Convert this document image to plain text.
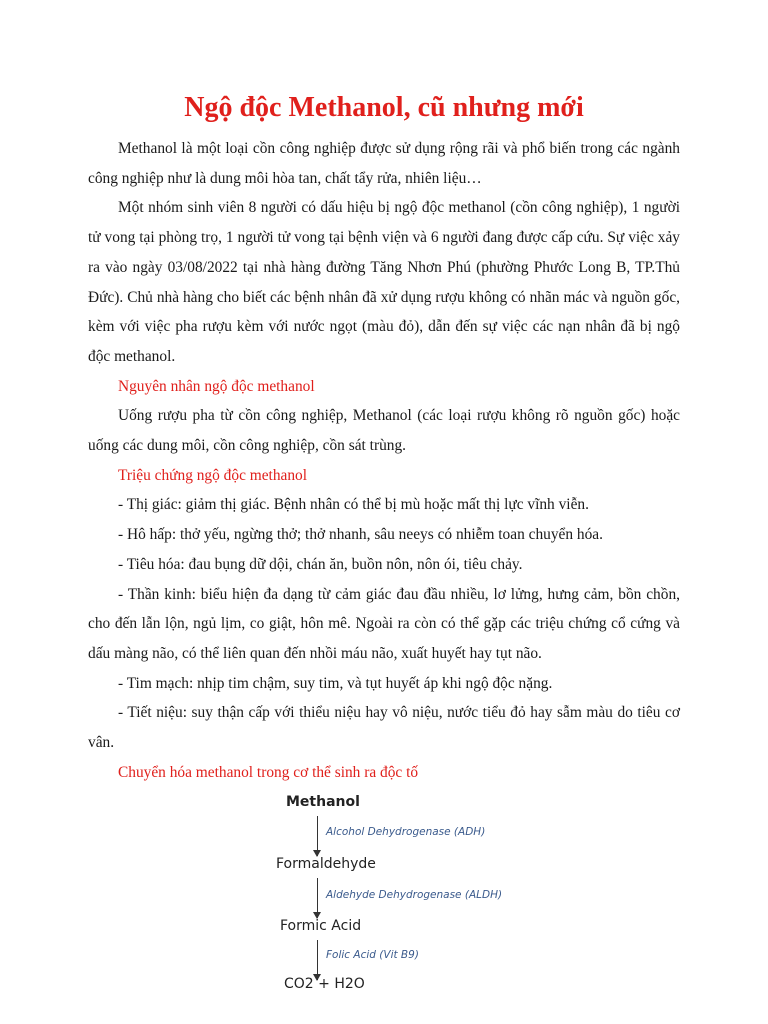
Ngộ độc Methanol, cũ nhưng mới

Methanol là một loại cồn công nghiệp được sử dụng rộng rãi và phổ biến trong các ngành công nghiệp như là dung môi hòa tan, chất tẩy rửa, nhiên liệu…

Một nhóm sinh viên 8 người có dấu hiệu bị ngộ độc methanol (cồn công nghiệp), 1 người tử vong tại phòng trọ, 1 người tử vong tại bệnh viện và 6 người đang được cấp cứu. Sự việc xảy ra vào ngày 03/08/2022 tại nhà hàng đường Tăng Nhơn Phú (phường Phước Long B, TP.Thủ Đức). Chủ nhà hàng cho biết các bệnh nhân đã xử dụng rượu không có nhãn mác và nguồn gốc, kèm với việc pha rượu kèm với nước ngọt (màu đỏ), dẫn đến sự việc các nạn nhân đã bị ngộ độc methanol.

Nguyên nhân ngộ độc methanol

Uống rượu pha từ cồn công nghiệp, Methanol (các loại rượu không rõ nguồn gốc) hoặc uống các dung môi, cồn công nghiệp, cồn sát trùng.

Triệu chứng ngộ độc methanol

- Thị giác: giảm thị giác. Bệnh nhân có thể bị mù hoặc mất thị lực vĩnh viễn.

- Hô hấp: thở yếu, ngừng thở; thở nhanh, sâu neeys có nhiễm toan chuyển hóa.

- Tiêu hóa: đau bụng dữ dội, chán ăn, buồn nôn, nôn ói, tiêu chảy.

- Thần kinh: biểu hiện đa dạng từ cảm giác đau đầu nhiều, lơ lửng, hưng cảm, bồn chồn, cho đến lẫn lộn, ngủ lịm, co giật, hôn mê. Ngoài ra còn có thể gặp các triệu chứng cổ cứng và dấu màng não, có thể liên quan đến nhồi máu não, xuất huyết hay tụt não.

- Tim mạch: nhịp tim chậm, suy tim, và tụt huyết áp khi ngộ độc nặng.

- Tiết niệu: suy thận cấp với thiểu niệu hay vô niệu, nước tiểu đỏ hay sẫm màu do tiêu cơ vân.

Chuyển hóa methanol trong cơ thể sinh ra độc tố

Methanol
Alcohol Dehydrogenase (ADH)
Formaldehyde
Aldehyde Dehydrogenase (ALDH)
Formic Acid
Folic Acid (Vit B9)
CO2 + H2O
